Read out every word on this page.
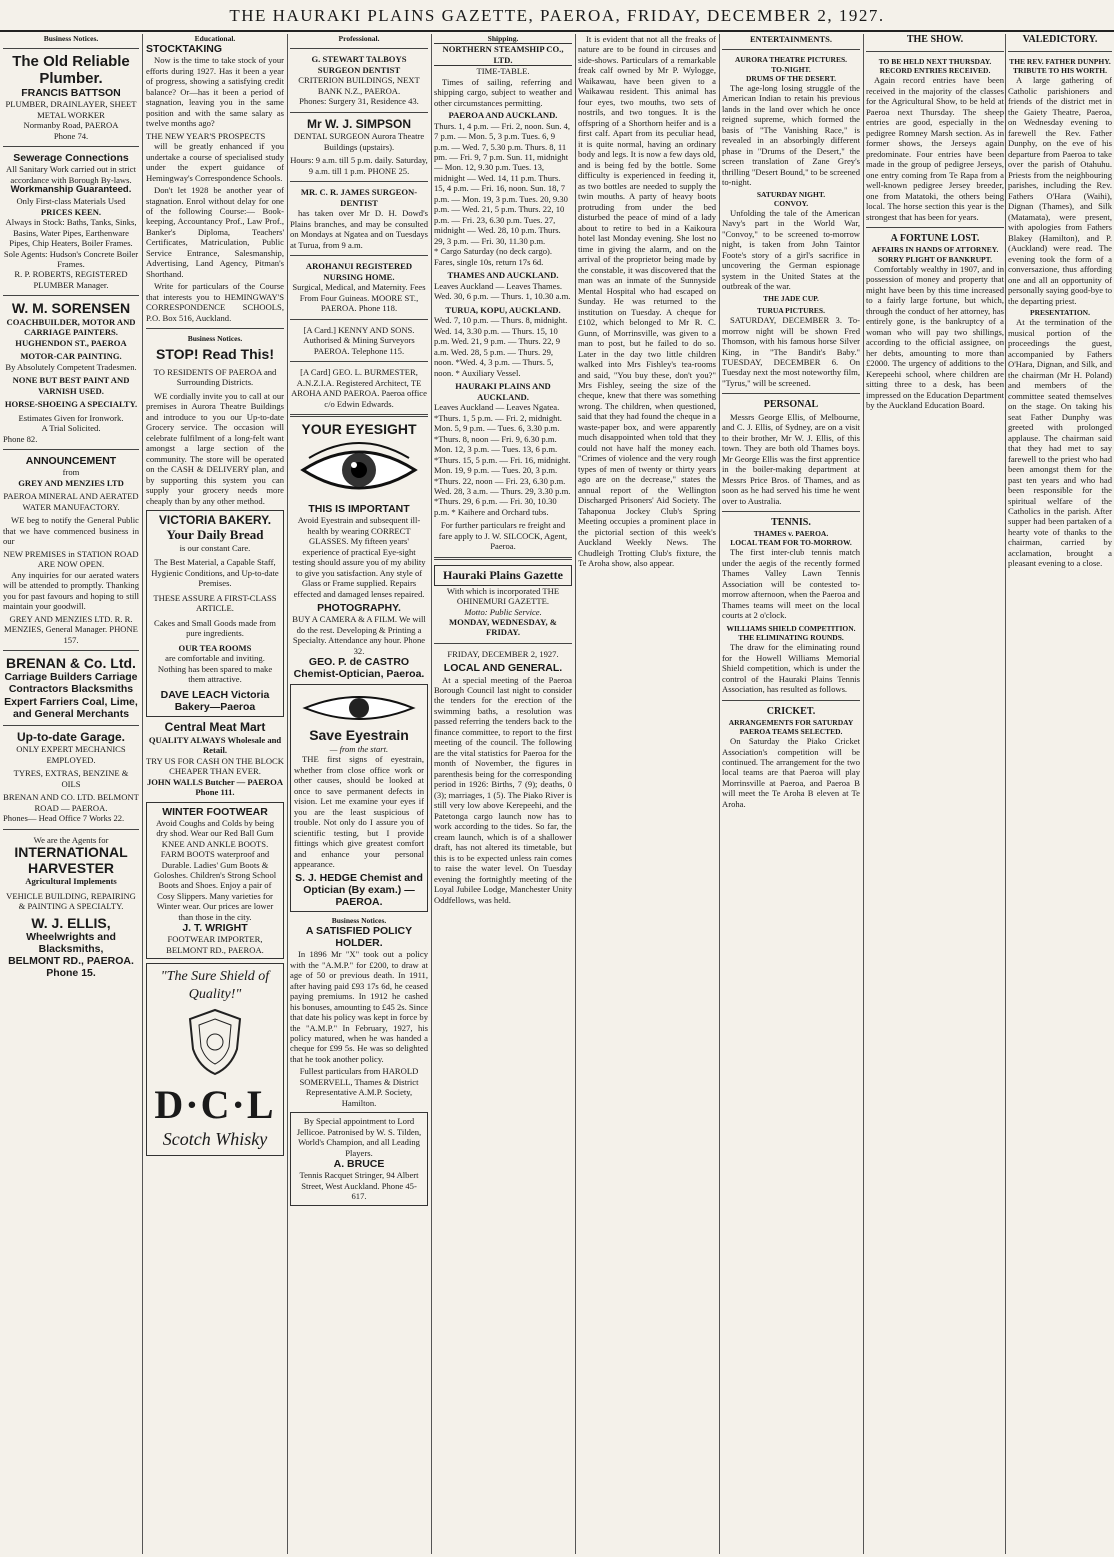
THE HAURAKI PLAINS GAZETTE, PAEROA, FRIDAY, DECEMBER 2, 1927.
Business Notices.
The Old Reliable Plumber.
FRANCIS BATTSON
PLUMBER, DRAINLAYER, SHEET METAL WORKER
Normanby Road, PAEROA
Phone 74.
Sewerage Connections
All Sanitary Work carried out in strict accordance with Borough By-laws.
Workmanship Guaranteed.
Only First-class Materials Used
PRICES KEEN.
Always in Stock: Baths, Tanks, Sinks, Basins, Water Pipes, Earthenware Pipes, Chip Heaters, Boiler Frames.
Sole Agents: Hudson's Concrete Boiler Frames.
R. P. ROBERTS, REGISTERED PLUMBER Manager.
W. M. SORENSEN
COACHBUILDER, MOTOR AND CARRIAGE PAINTERS. HUGHENDON ST., PAEROA
MOTOR-CAR PAINTING.
By Absolutely Competent Tradesmen.
NONE BUT BEST PAINT AND VARNISH USED.
HORSE-SHOEING A SPECIALTY.
Estimates Given for Ironwork.
A Trial Solicited.
Phone 82.
ANNOUNCEMENT
from
GREY AND MENZIES LTD
PAEROA MINERAL AND AERATED WATER MANUFACTORY.

WE beg to notify the General Public that we have commenced business in our

NEW PREMISES in STATION ROAD ARE NOW OPEN.

Any inquiries for our aerated waters will be attended to promptly. Thanking you for past favours and hoping to still maintain your goodwill.

GREY AND MENZIES LTD. R. R. MENZIES, General Manager. PHONE 157.
BRENAN & Co. Ltd.
Carriage Builders Carriage Contractors Blacksmiths Expert Farriers Coal, Lime, and General Merchants
Up-to-date Garage.
ONLY EXPERT MECHANICS EMPLOYED.
TYRES, EXTRAS, BENZINE & OILS
BRENAN AND CO. LTD. BELMONT ROAD — PAEROA.
Phones— Head Office 7 Works 22.
We are the Agents for
INTERNATIONAL HARVESTER
Agricultural Implements
VEHICLE BUILDING, REPAIRING & PAINTING A SPECIALTY.
W. J. ELLIS,
Wheelwrights and Blacksmiths,
BELMONT RD., PAEROA. Phone 15.
Educational.
STOCKTAKING

Now is the time to take stock of your efforts during 1927. Has it been a year of progress, showing a satisfying credit balance? Or—has it been a period of stagnation, leaving you in the same position and with the same salary as twelve months ago?

THE NEW YEAR'S PROSPECTS

will be greatly enhanced if you undertake a course of specialised study under the expert guidance of Hemingway's Correspondence Schools.

Don't let 1928 be another year of stagnation. Enrol without delay for one of the following Course:— Book-keeping, Accountancy Prof., Law Prof., Banker's Diploma, Teachers' Certificates, Matriculation, Public Service Entrance, Salesmanship, Advertising, Land Agency, Pitman's Shorthand.

Write for particulars of the Course that interests you to HEMINGWAY'S CORRESPONDENCE SCHOOLS, P.O. Box 516, Auckland.

Business Notices.
STOP! Read This!
TO RESIDENTS OF PAEROA and Surrounding Districts.

WE cordially invite you to call at our premises in Aurora Theatre Buildings and introduce to you our Up-to-date Grocery service. The occasion will celebrate fulfilment of a long-felt want amongst a large section of the community. The store will be operated on the CASH & DELIVERY plan, and by supporting this system you can supply your grocery needs more cheaply than by any other method.

VICTORIA BAKERY.
Your Daily Bread
is our constant Care.
The Best Material, a Capable Staff, Hygienic Conditions, and Up-to-date Premises.
THESE ASSURE A FIRST-CLASS ARTICLE.
Cakes and Small Goods made from pure ingredients.
OUR TEA ROOMS
are comfortable and inviting. Nothing has been spared to make them attractive.
DAVE LEACH Victoria Bakery—Paeroa
Central Meat Mart
QUALITY ALWAYS Wholesale and Retail.
TRY US FOR CASH ON THE BLOCK CHEAPER THAN EVER.
JOHN WALLS Butcher — PAEROA Phone 111.
WINTER FOOTWEAR
Avoid Coughs and Colds by being dry shod. Wear our Red Ball Gum KNEE AND ANKLE BOOTS. FARM BOOTS waterproof and Durable. Ladies' Gum Boots & Goloshes. Children's Strong School Boots and Shoes. Enjoy a pair of Cosy Slippers. Many varieties for Winter wear. Our prices are lower than those in the city.
J. T. WRIGHT
FOOTWEAR IMPORTER, BELMONT RD., PAEROA.
"The Sure Shield of Quality!"
D·C·L
Scotch Whisky
Professional.
G. STEWART TALBOYS SURGEON DENTIST
CRITERION BUILDINGS, NEXT BANK N.Z., PAEROA.
Phones: Surgery 31, Residence 43.
Mr W. J. SIMPSON
DENTAL SURGEON Aurora Theatre Buildings (upstairs).
Hours: 9 a.m. till 5 p.m. daily. Saturday, 9 a.m. till 1 p.m. PHONE 25.
MR. C. R. JAMES SURGEON-DENTIST

has taken over Mr D. H. Dowd's Plains branches, and may be consulted on Mondays at Ngatea and on Tuesdays at Turua, from 9 a.m.

AROHANUI REGISTERED NURSING HOME.
Surgical, Medical, and Maternity. Fees From Four Guineas. MOORE ST., PAEROA. Phone 118.
[A Card.] KENNY AND SONS. Authorised & Mining Surveyors PAEROA. Telephone 115.
[A Card] GEO. L. BURMESTER, A.N.Z.I.A. Registered Architect, TE AROHA AND PAEROA. Paeroa office c/o Edwin Edwards.
YOUR EYESIGHT
THIS IS IMPORTANT
Avoid Eyestrain and subsequent ill-health by wearing CORRECT GLASSES. My fifteen years' experience of practical Eye-sight testing should assure you of my ability to give you satisfaction. Any style of Glass or Frame supplied. Repairs effected and damaged lenses repaired.
PHOTOGRAPHY.
BUY A CAMERA & A FILM. We will do the rest. Developing & Printing a Specialty. Attendance any hour. Phone 32.
GEO. P. de CASTRO Chemist-Optician, Paeroa.
Save Eyestrain
— from the start.

THE first signs of eyestrain, whether from close office work or other causes, should be looked at once to save permanent defects in vision. Let me examine your eyes if you are the least suspicious of trouble. Not only do I assure you of scientific testing, but I provide fittings which give greatest comfort and enhance your personal appearance.

S. J. HEDGE Chemist and Optician (By exam.) — PAEROA.
Business Notices.
A SATISFIED POLICY HOLDER.

In 1896 Mr "X" took out a policy with the "A.M.P." for £200, to draw at age of 50 or previous death. In 1911, after having paid £93 17s 6d, he ceased paying premiums. In 1912 he cashed his bonuses, amounting to £45 2s. Since that date his policy was kept in force by the "A.M.P." In February, 1927, his policy matured, when he was handed a cheque for £99 5s. He was so delighted that he took another policy.

Fullest particulars from HAROLD SOMERVELL, Thames & District Representative A.M.P. Society, Hamilton.
By Special appointment to Lord Jellicoe. Patronised by W. S. Tilden, World's Champion, and all Leading Players.
A. BRUCE
Tennis Racquet Stringer, 94 Albert Street, West Auckland. Phone 45-617.
Shipping.
NORTHERN STEAMSHIP CO., LTD.
TIME-TABLE.

Times of sailing, referring and shipping cargo, subject to weather and other circumstances permitting.

PAEROA AND AUCKLAND.
Thurs. 1, 4 p.m. — Fri. 2, noon. Sun. 4, 7 p.m. — Mon. 5, 3 p.m. Tues. 6, 9 p.m. — Wed. 7, 5.30 p.m. Thurs. 8, 11 pm. — Fri. 9, 7 p.m. Sun. 11, midnight — Mon. 12, 9.30 p.m. Tues. 13, midnight — Wed. 14, 11 p.m. Thurs. 15, 4 p.m. — Fri. 16, noon. Sun. 18, 7 p.m. — Mon. 19, 3 p.m. Tues. 20, 9.30 p.m. — Wed. 21, 5 p.m. Thurs. 22, 10 p.m. — Fri. 23, 6.30 p.m. Tues. 27, midnight — Wed. 28, 10 p.m. Thurs. 29, 3 p.m. — Fri. 30, 11.30 p.m.
* Cargo Saturday (no deck cargo). Fares, single 10s, return 17s 6d.
THAMES AND AUCKLAND.
Leaves Auckland — Leaves Thames. Wed. 30, 6 p.m. — Thurs. 1, 10.30 a.m.
TURUA, KOPU, AUCKLAND.
Wed. 7, 10 p.m. — Thurs. 8, midnight. Wed. 14, 3.30 p.m. — Thurs. 15, 10 p.m. Wed. 21, 9 p.m. — Thurs. 22, 9 a.m. Wed. 28, 5 p.m. — Thurs. 29, noon. *Wed. 4, 3 p.m. — Thurs. 5, noon. * Auxiliary Vessel.
HAURAKI PLAINS AND AUCKLAND.
Leaves Auckland — Leaves Ngatea. *Thurs. 1, 5 p.m. — Fri. 2, midnight. Mon. 5, 9 p.m. — Tues. 6, 3.30 p.m. *Thurs. 8, noon — Fri. 9, 6.30 p.m. Mon. 12, 3 p.m. — Tues. 13, 6 p.m. *Thurs. 15, 5 p.m. — Fri. 16, midnight. Mon. 19, 9 p.m. — Tues. 20, 3 p.m. *Thurs. 22, noon — Fri. 23, 6.30 p.m. Wed. 28, 3 a.m. — Thurs. 29, 3.30 p.m. *Thurs. 29, 6 p.m. — Fri. 30, 10.30 p.m. * Kaihere and Orchard tubs.
For further particulars re freight and fare apply to J. W. SILCOCK, Agent, Paeroa.
Hauraki Plains Gazette
With which is incorporated THE OHINEMURI GAZETTE.
Motto: Public Service.
MONDAY, WEDNESDAY, & FRIDAY.
FRIDAY, DECEMBER 2, 1927.
LOCAL AND GENERAL.

At a special meeting of the Paeroa Borough Council last night to consider the tenders for the erection of the swimming baths, a resolution was passed referring the tenders back to the finance committee, to report to the first meeting of the council. The following are the vital statistics for Paeroa for the month of November, the figures in parenthesis being for the corresponding period in 1926: Births, 7 (9); deaths, 0 (3); marriages, 1 (5). The Piako River is still very low above Kerepeehi, and the Patetonga cargo launch now has to work according to the tides. So far, the cream launch, which is of a shallower draft, has not altered its timetable, but this is to be expected unless rain comes to raise the water level. On Tuesday evening the fortnightly meeting of the Loyal Jubilee Lodge, Manchester Unity Oddfellows, was held.

It is evident that not all the freaks of nature are to be found in circuses and side-shows. Particulars of a remarkable freak calf owned by Mr P. Wylogge, Waikawau, have been given to a Waikawau resident. This animal has four eyes, two mouths, two sets of nostrils, and two tongues. It is the offspring of a Shorthorn heifer and is a first calf. Apart from its peculiar head, it is quite normal, having an ordinary body and legs. It is now a few days old, and is being fed by the bottle. Some difficulty is experienced in feeding it, as two bottles are needed to supply the twin mouths. A party of heavy boots protruding from under the bed disturbed the peace of mind of a lady about to retire to bed in a Kaikoura hotel last Monday evening. She lost no time in giving the alarm, and on the arrival of the proprietor being made by the constable, it was discovered that the man was an inmate of the Sunnyside Mental Hospital who had escaped on Sunday. He was returned to the institution on Tuesday. A cheque for £102, which belonged to Mr R. C. Gunn, of Morrinsville, was given to a man to post, but he failed to do so. Later in the day two little children walked into Mrs Fishley's tea-rooms and said, "You buy these, don't you?" Mrs Fishley, seeing the size of the cheque, knew that there was something wrong. The children, when questioned, said that they had found the cheque in a waste-paper box, and were apparently much disappointed when told that they could not have half the money each. "Crimes of violence and the very rough types of men of twenty or thirty years ago are on the decrease," states the annual report of the Wellington Discharged Prisoners' Aid Society. The Tahaponua Jockey Club's Spring Meeting occupies a prominent place in the pictorial section of this week's Auckland Weekly News. The Chudleigh Trotting Club's fixture, the Te Aroha show, also appear.

ENTERTAINMENTS.
AURORA THEATRE PICTURES.
TO-NIGHT.
DRUMS OF THE DESERT.

The age-long losing struggle of the American Indian to retain his previous lands in the land over which he once reigned supreme, which formed the basis of "The Vanishing Race," is revealed in an absorbingly different phase in "Drums of the Desert," the screen translation of Zane Grey's thrilling "Desert Bound," to be screened to-night.

SATURDAY NIGHT.
CONVOY.

Unfolding the tale of the American Navy's part in the World War, "Convoy," to be screened to-morrow night, is taken from John Taintor Foote's story of a girl's sacrifice in uncovering the German espionage system in the United States at the outbreak of the war.

THE JADE CUP.
TURUA PICTURES.

SATURDAY, DECEMBER 3. To-morrow night will be shown Fred Thomson, with his famous horse Silver King, in "The Bandit's Baby." TUESDAY, DECEMBER 6. On Tuesday next the most noteworthy film, "Tyrus," will be screened.

PERSONAL

Messrs George Ellis, of Melbourne, and C. J. Ellis, of Sydney, are on a visit to their brother, Mr W. J. Ellis, of this town. They are both old Thames boys. Mr George Ellis was the first apprentice in the boiler-making department at Messrs Price Bros. of Thames, and as soon as he had served his time he went over to Australia.

TENNIS.
THAMES v. PAEROA.
LOCAL TEAM FOR TO-MORROW.

The first inter-club tennis match under the aegis of the recently formed Thames Valley Lawn Tennis Association will be contested to-morrow afternoon, when the Paeroa and Thames teams will meet on the local courts at 2 o'clock.

WILLIAMS SHIELD COMPETITION.
THE ELIMINATING ROUNDS.

The draw for the eliminating round for the Howell Williams Memorial Shield competition, which is under the control of the Hauraki Plains Tennis Association, has resulted as follows.

CRICKET.
ARRANGEMENTS FOR SATURDAY
PAEROA TEAMS SELECTED.

On Saturday the Piako Cricket Association's competition will be continued. The arrangement for the two local teams are that Paeroa will play Morrinsville at Paeroa, and Paeroa B will meet the Te Aroha B eleven at Te Aroha.

THE SHOW.
TO BE HELD NEXT THURSDAY.
RECORD ENTRIES RECEIVED.

Again record entries have been received in the majority of the classes for the Agricultural Show, to be held at Paeroa next Thursday. The sheep entries are good, especially in the pedigree Romney Marsh section. As in former shows, the Jerseys again predominate. Four entries have been made in the group of pedigree Jerseys, one entry coming from Te Rapa from a well-known pedigree Jersey breeder, one from Matatoki, the others being local. The horse section this year is the strongest that has been for years.

A FORTUNE LOST.
AFFAIRS IN HANDS OF ATTORNEY.
SORRY PLIGHT OF BANKRUPT.

Comfortably wealthy in 1907, and in possession of money and property that might have been by this time increased to a fairly large fortune, but which, through the conduct of her attorney, has entirely gone, is the bankruptcy of a woman who will pay two shillings, according to the official assignee, on her debts, amounting to more than £2000. The urgency of additions to the Kerepeehi school, where children are sitting three to a desk, has been impressed on the Education Department by the Auckland Education Board.

VALEDICTORY.
THE REV. FATHER DUNPHY.
TRIBUTE TO HIS WORTH.

A large gathering of Catholic parishioners and friends of the district met in the Gaiety Theatre, Paeroa, on Wednesday evening to farewell the Rev. Father Dunphy, on the eve of his departure from Paeroa to take over the parish of Otahuhu. Priests from the neighbouring parishes, including the Rev. Fathers O'Hara (Waihi), Dignan (Thames), and Silk (Matamata), were present, with apologies from Fathers Blakey (Hamilton), and P. (Auckland) were read. The evening took the form of a conversazione, thus affording one and all an opportunity of personally saying good-bye to the departing priest.

PRESENTATION.

At the termination of the musical portion of the proceedings the guest, accompanied by Fathers O'Hara, Dignan, and Silk, and the chairman (Mr H. Poland) and members of the committee seated themselves on the stage. On taking his seat Father Dunphy was greeted with prolonged applause. The chairman said that they had met to say farewell to the priest who had been amongst them for the past ten years and who had been responsible for the spiritual welfare of the Catholics in the parish. After supper had been partaken of a hearty vote of thanks to the chairman, carried by acclamation, brought a pleasant evening to a close.
